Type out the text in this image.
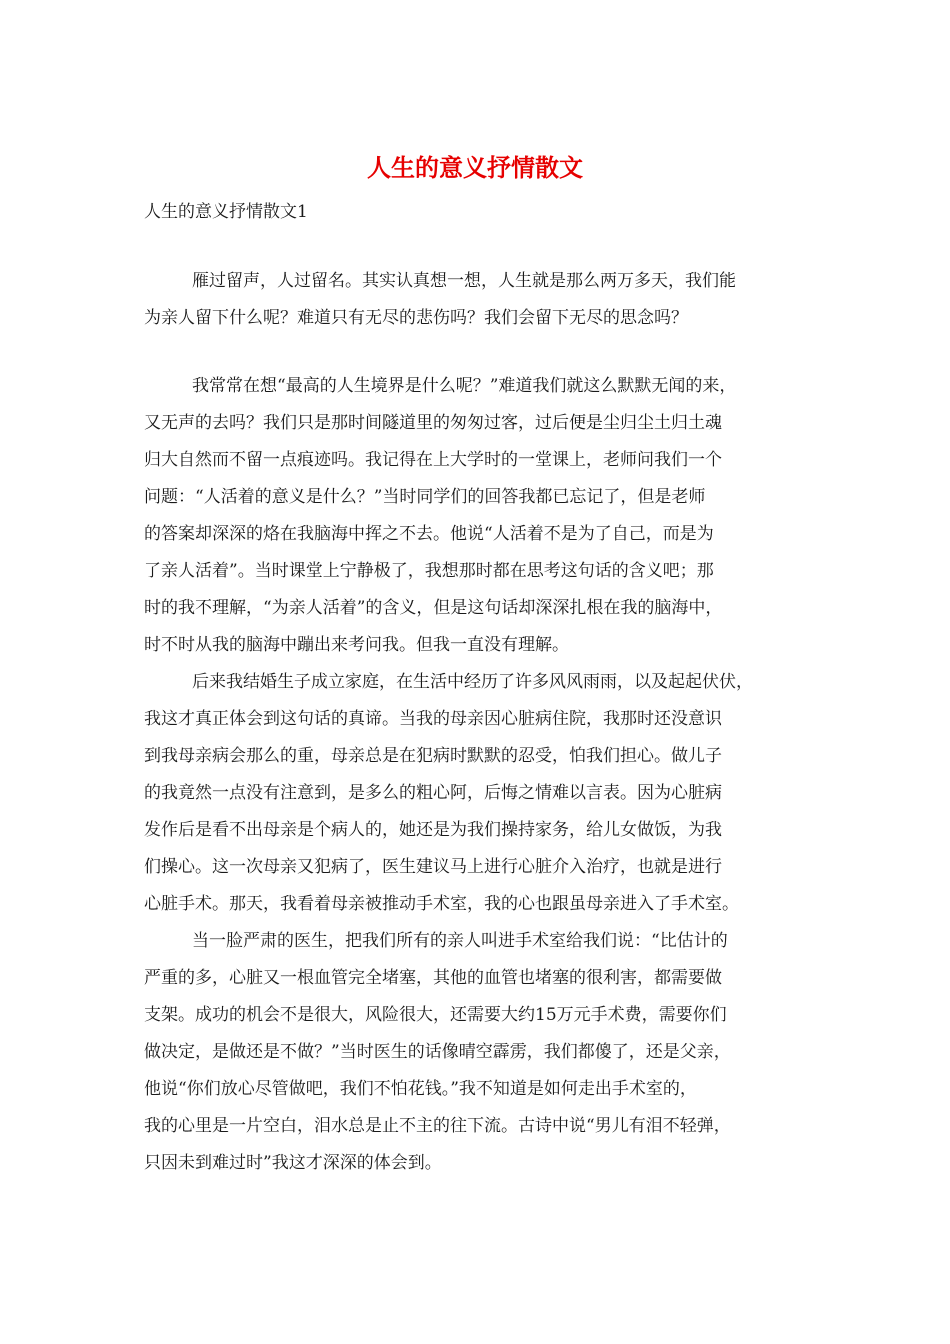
人生的意义抒情散文
人生的意义抒情散文1
雁过留声，人过留名。其实认真想一想，人生就是那么两万多天，我们能
为亲人留下什么呢？难道只有无尽的悲伤吗？我们会留下无尽的思念吗？
我常常在想“最高的人生境界是什么呢？”难道我们就这么默默无闻的来，
又无声的去吗？我们只是那时间隧道里的匆匆过客，过后便是尘归尘土归土魂
归大自然而不留一点痕迹吗。我记得在上大学时的一堂课上，老师问我们一个
问题：“人活着的意义是什么？”当时同学们的回答我都已忘记了，但是老师
的答案却深深的烙在我脑海中挥之不去。他说“人活着不是为了自己，而是为
了亲人活着”。当时课堂上宁静极了，我想那时都在思考这句话的含义吧；那
时的我不理解，“为亲人活着”的含义，但是这句话却深深扎根在我的脑海中，
时不时从我的脑海中蹦出来考问我。但我一直没有理解。
后来我结婚生子成立家庭，在生活中经历了许多风风雨雨，以及起起伏伏，
我这才真正体会到这句话的真谛。当我的母亲因心脏病住院，我那时还没意识
到我母亲病会那么的重，母亲总是在犯病时默默的忍受，怕我们担心。做儿子
的我竟然一点没有注意到，是多么的粗心阿，后悔之情难以言表。因为心脏病
发作后是看不出母亲是个病人的，她还是为我们操持家务，给儿女做饭，为我
们操心。这一次母亲又犯病了，医生建议马上进行心脏介入治疗，也就是进行
心脏手术。那天，我看着母亲被推动手术室，我的心也跟虽母亲进入了手术室。
当一脸严肃的医生，把我们所有的亲人叫进手术室给我们说：“比估计的
严重的多，心脏又一根血管完全堵塞，其他的血管也堵塞的很利害，都需要做
支架。成功的机会不是很大，风险很大，还需要大约15万元手术费，需要你们
做决定，是做还是不做？”当时医生的话像晴空霹雳，我们都傻了，还是父亲，
他说“你们放心尽管做吧，我们不怕花钱。”我不知道是如何走出手术室的，
我的心里是一片空白，泪水总是止不主的往下流。古诗中说“男儿有泪不轻弹，
只因未到难过时”我这才深深的体会到。
